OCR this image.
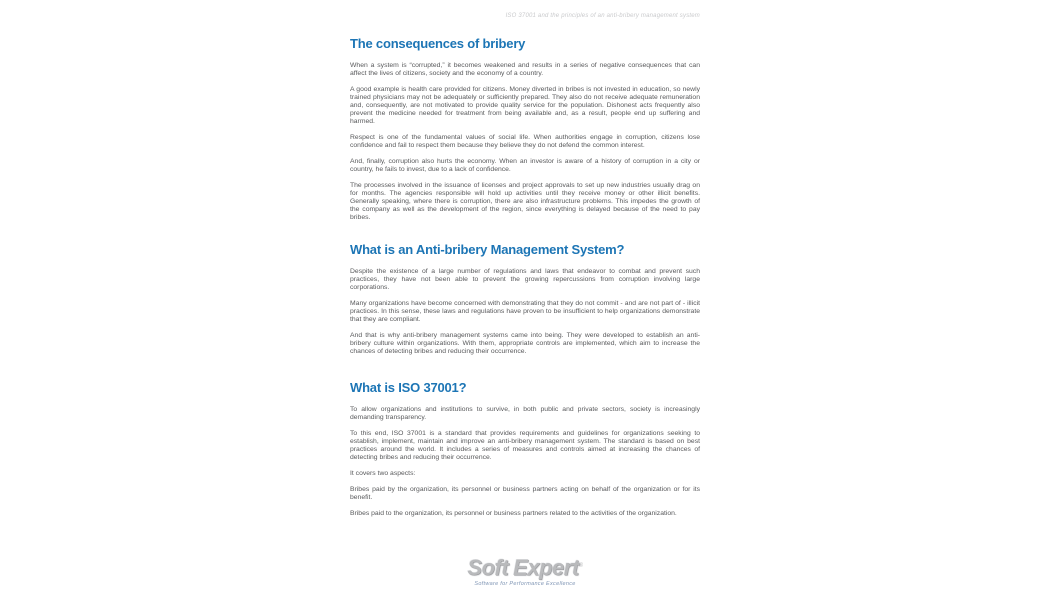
ISO 37001 and the principles of an anti-bribery management system
The consequences of bribery

When a system is “corrupted,” it becomes weakened and results in a series of negative consequences that can affect the lives of citizens, society and the economy of a country.

A good example is health care provided for citizens. Money diverted in bribes is not invested in education, so newly trained physicians may not be adequately or sufficiently prepared. They also do not receive adequate remuneration and, consequently, are not motivated to provide quality service for the population. Dishonest acts frequently also prevent the medicine needed for treatment from being available and, as a result, people end up suffering and harmed.

Respect is one of the fundamental values of social life. When authorities engage in corruption, citizens lose confidence and fail to respect them because they believe they do not defend the common interest.

And, finally, corruption also hurts the economy. When an investor is aware of a history of corruption in a city or country, he fails to invest, due to a lack of confidence.

The processes involved in the issuance of licenses and project approvals to set up new industries usually drag on for months. The agencies responsible will hold up activities until they receive money or other illicit benefits. Generally speaking, where there is corruption, there are also infrastructure problems. This impedes the growth of the company as well as the development of the region, since everything is delayed because of the need to pay bribes.

What is an Anti-bribery Management System?

Despite the existence of a large number of regulations and laws that endeavor to combat and prevent such practices, they have not been able to prevent the growing repercussions from corruption involving large corporations.

Many organizations have become concerned with demonstrating that they do not commit - and are not part of - illicit practices. In this sense, these laws and regulations have proven to be insufficient to help organizations demonstrate that they are compliant.

And that is why anti-bribery management systems came into being. They were developed to establish an anti-bribery culture within organizations. With them, appropriate controls are implemented, which aim to increase the chances of detecting bribes and reducing their occurrence.

What is ISO 37001?

To allow organizations and institutions to survive, in both public and private sectors, society is increasingly demanding transparency.

To this end, ISO 37001 is a standard that provides requirements and guidelines for organizations seeking to establish, implement, maintain and improve an anti-bribery management system. The standard is based on best practices around the world. It includes a series of measures and controls aimed at increasing the chances of detecting bribes and reducing their occurrence.

It covers two aspects:

Bribes paid by the organization, its personnel or business partners acting on behalf of the organization or for its benefit.

Bribes paid to the organization, its personnel or business partners related to the activities of the organization.

Soft Expert®
Software for Performance Excellence
